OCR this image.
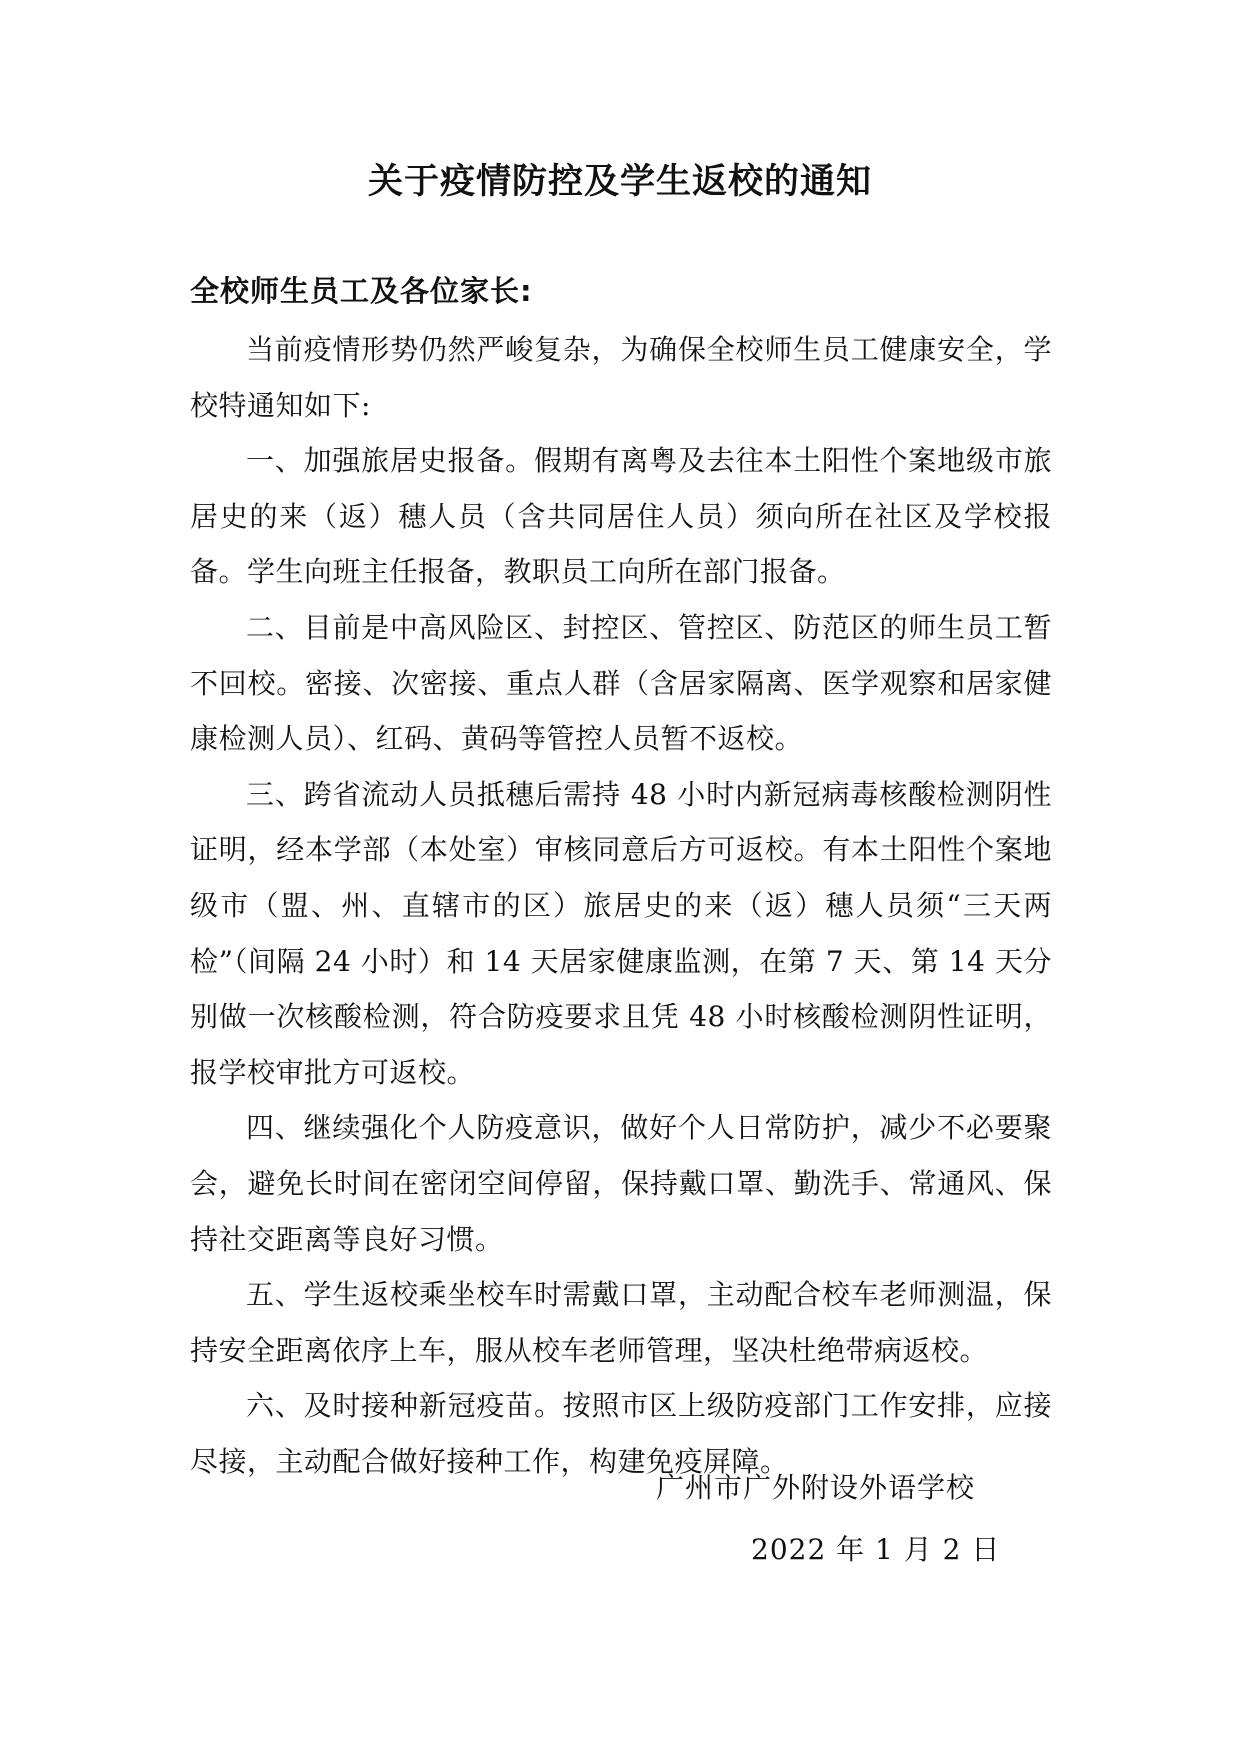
关于疫情防控及学生返校的通知
全校师生员工及各位家长:

当前疫情形势仍然严峻复杂，为确保全校师生员工健康安全，学校特通知如下:

一、加强旅居史报备。假期有离粤及去往本土阳性个案地级市旅居史的来（返）穗人员（含共同居住人员）须向所在社区及学校报备。学生向班主任报备，教职员工向所在部门报备。

二、目前是中高风险区、封控区、管控区、防范区的师生员工暂不回校。密接、次密接、重点人群（含居家隔离、医学观察和居家健康检测人员）、红码、黄码等管控人员暂不返校。

三、跨省流动人员抵穗后需持 48 小时内新冠病毒核酸检测阴性证明，经本学部（本处室）审核同意后方可返校。有本土阳性个案地级市（盟、州、直辖市的区）旅居史的来（返）穗人员须“三天两检”（间隔 24 小时）和 14 天居家健康监测，在第 7 天、第 14 天分别做一次核酸检测，符合防疫要求且凭 48 小时核酸检测阴性证明，报学校审批方可返校。

四、继续强化个人防疫意识，做好个人日常防护，减少不必要聚会，避免长时间在密闭空间停留，保持戴口罩、勤洗手、常通风、保持社交距离等良好习惯。

五、学生返校乘坐校车时需戴口罩，主动配合校车老师测温，保持安全距离依序上车，服从校车老师管理，坚决杜绝带病返校。

六、及时接种新冠疫苗。按照市区上级防疫部门工作安排，应接尽接，主动配合做好接种工作，构建免疫屏障。

广州市广外附设外语学校
2022 年 1 月 2 日
